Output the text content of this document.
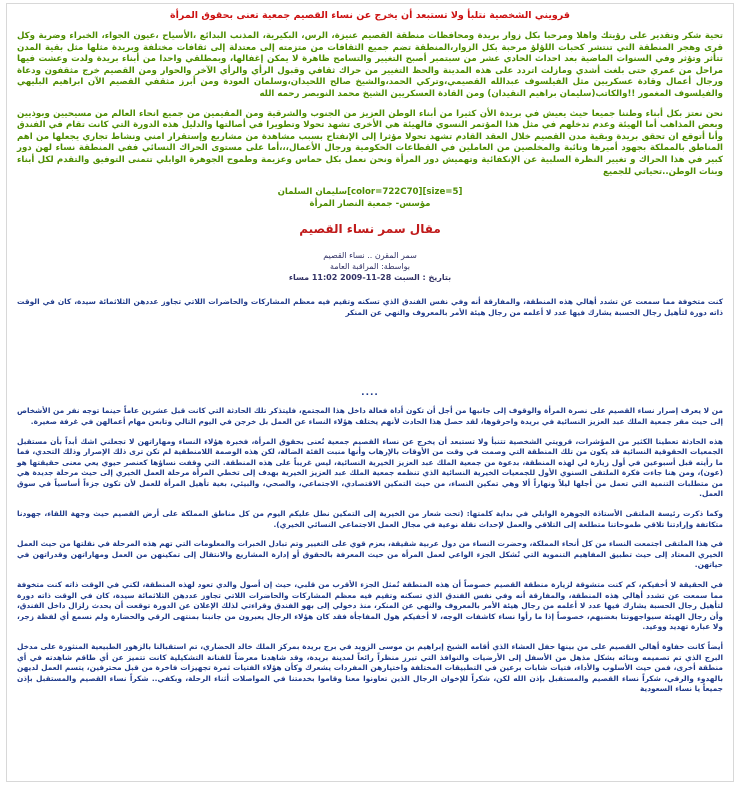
قرويني الشخصية نتلبأ ولا تستبعد أن يخرج عن نساء القصيم جمعية تعنى بحقوق المرأة

تحية شكر وتقدير على رؤيتك واهلا ومرحبا بكل زوار بريدة ومحافظات منطقة القصيم عنيزة، الرس، البكيرية، المذنب البدائع ،الأسياح ،عيون الجواء، الخبراء وضرية وكل قرى وهجر المنطقة التي تنتشر كحبات اللؤلؤ مرحبة بكل الزوار،المنطقة تضم جميع الثقافات من متزمته إلى معتدلة إلى ثقافات مختلفة وبريدة مثلها مثل بقية المدن تتأثر وتؤثر وفي السنوات الماضية بعد احداث الحادي عشر من سبتمبر أصبح التغيير والتسامح ظاهرة لا يمكن إغفالها، وبمطلقي واحدا من أبناء بريدة ولدت وعشت فيها مراحل من عمري حتى بلغت أشدي ومازلت اتردد على هذه المدينة والحظ التغيير من حراك ثقافي وقبول الرأي والرأي الآخر والحوار ومن القصيم خرج مثقفون ودعاة ورجال أعمال وقادة عسكريين مثل الفيلسوف عبدالله القصيمي،وتركي الحمد،والشيخ صالح اللحيدان،وسلمان العودة ومن أبرز مثقفي القصيم الآن ابراهيم البليهي والفيلسوف المغمور !!والكاتب(سليمان براهيم النقيدان) ومن القادة العسكريين الشيخ محمد النويصر رحمه الله

نحن نعتز بكل أبناء وطننا جميعا حيث يعيش في بريدة الأن كثيرا من أبناء الوطن العزيز من الجنوب والشرقية ومن المقيمين من جميع انحاء العالم من مسيحيين وبوذيين وبعض المذاهب أما الهيئة وعدم تدخلهم في مثل هذا المؤتمر النسوي فالهيئة هي الأخرى تشهد تحولا وتطويرا في أصالتها والدليل هذه الدورة التي كانت تقام في الفندق وأنا أتوقع ان تحقق بريدة وبقية مدن القصيم خلال العقد القادم تشهد تحولا مؤثرا إلى الإنفتاح بسبب مشاهدة من مشاريع وإستقرار امني ونشاط تجاري يجعلها من اهم المناطق بالمملكة بجهود أميرها ونائبة والمخلصين من العاملين في القطاعات الحكومية ورجال الأعمال،،،أما على مستوى الحراك النسائي ففي المنطقة نساء لهن دور كبير في هذا الحراك و تغيير النظرة السلبية عن الإنكفائية وتهميش دور المرأة ونحن نعمل بكل حماس وعزيمة وطموح الجوهرة الوابلي تتمنى التوفيق والتقدم لكل أبناء وبنات الوطن..تحياتي للجميع

[size=5][color=722C70]سليمان السلمان

مؤسس- جمعية النصار المرأة

مقال سمر نساء القصيم

سمر المقرن .. نساء القصيم

بواسطة: المراقبة العامة

بتاريخ : السبت 28-11-2009 11:02 مساء

كنت متخوفة مما سمعت عن تشدد أهالي هذه المنطقة، والمفارقة أنه وفي نفس الفندق الذي تسكنه وتقيم فيه معظم المشاركات والحاضرات اللاتي تجاوز عددهن الثلاثمائة سيدة، كان في الوقت ذاته دورة لتأهيل رجال الحسبة يشارك فيها عدد لا أعلمه من رجال هيئة الأمر بالمعروف والنهي عن المنكر

....

من لا يعرف إصرار نساء القصيم على نصرة المرأة والوقوف إلى جانبها من أجل أن تكون أداة فعالة داخل هذا المجتمع، فليتذكر تلك الحادثة التي كانت قبل عشرين عاماً حينما توجه نفر من الأشخاص إلى حيث مقر جمعية الملك عبد العزيز النسائية في بريدة واحرقوها، لقد حصل هذا الحادث لأنهم يختلف هؤلاء النساء عن العمل بل خرجن في اليوم التالي وتابعن مهام أعمالهن في غرفة صغيرة.

هذه الحادثة تعطينا الكثير من المؤشرات، قرويتي الشخصية تتنبأ ولا تستبعد أن يخرج عن نساء القصيم جمعية تُعنى بحقوق المرأة، فخبرة هؤلاء النساء ومهاراتهن لا تجعلني اشك أبداً بأن مستقبل الجمعيات الحقوقية النسائية قد يكون من تلك المنطقة التي وصمت في وقت من الأوقات بالإرهاب وأنها منبت الفئة الضالة، لكن هذه الوصمة اللامنطقية لم تكن ترى ذلك الإصرار وذلك التحدي، فما ما رأيته قبل أسبوعين في أول زيارة لي لهذه المنطقة، بدعوة من جمعية الملك عبد العزيز الخيرية النسائية، ليس غريباً على هذه المنطقة. التي وقفت نساؤها كعنصر حيوي يعي معنى حقيقتها هو (عون)، ومن هنا جاءت فكرة الملتقى السنوي الأول للجمعيات الخيرية النسائية الذي تنظمه جمعية الملك عبد العزيز الخيرية بهدف إلى تخطي المرأة مرحلة العمل الخيري إلى حيث مرحلة جديدة هي من متطلبات التنمية التي تعمل من أجلها ليلاً ونهاراً ألا وهي تمكين النساء، من حيث التمكين الاقتصادي، الاجتماعي، والصحي، والبيئي، بغية تأهيل المرأة للعمل لأن تكون جزءاً أساسياً في سوق العمل.

وكما ذكرت رئيسة الملتقى الأستاذة الجوهرة الوابلي في بداية كلمتها: (تحت شعار من الخيرية إلى التمكين نطل عليكم اليوم من كل مناطق المملكة على أرض القصيم حيث وجهة اللقاء، جهودنا متكاتفة وإرادتنا تلاقي طموحاتنا متطلعة إلى التلاقي والعمل لإحداث نقلة نوعية في مجال العمل الاجتماعي النسائي الخيري).

في هذا الملتقى اجتمعت النساء من كل أنحاء المملكة، وحضرت النساء من دول عربية شقيقة، بعزم قوي على التغيير وتم تبادل الخبرات والمعلومات التي تهم هذه المرحلة في نقلتها من حيث العمل الخيري المعتاد إلى حيث تطبيق المفاهيم التنموية التي تُشكل الجزء الواعي لعمل المرأة من حيث المعرفة بالحقوق أو إدارة المشاريع والانتقال إلى تمكينهن من العمل ومهاراتهن وقدراتهن في حياتهن.

في الحقيقة لا أخفيكم، كم كنت متشوقة لزيارة منطقة القصيم خصوصاً أن هذه المنطقة تُمثل الجزء الأقرب من قلبي، حيث إن أصول والدي تعود لهذه المنطقة، لكني في الوقت ذاته كنت متخوفة مما سمعت عن تشدد أهالي هذه المنطقة، والمفارقة أنه وفي نفس الفندق الذي تسكنه وتقيم فيه معظم المشاركات والحاضرات اللاتي تجاوز عددهن الثلاثمائة سيدة، كان في الوقت ذاته دورة لتأهيل رجال الحسبة يشارك فيها عدد لا أعلمه من رجال هيئة الأمر بالمعروف والنهي عن المنكر، منذ دخولي إلى بهو الفندق وقراءتي لذلك الإعلان عن الدورة توقعت أن يحدث زلزال داخل الفندق، وأن رجال الهيئة سيواجهوننا بغضبهم، خصوصاً إذا ما رأوا نساء كاشفات الوجه، لا أخفيكم هول المفاجأة فقد كان هؤلاء الرجال يعبرون من جانبنا بمنتهى الرقي والحضارة ولم نسمع أي لفظة زجر، ولا عبارة تهديد ووعيد.

أيضاً كانت حفاوة أهالي القصيم على من بينها حفل العشاء الذي أقامه الشيخ إبراهيم بن موسى الزويد في برج بريدة بمركز الملك خالد الحضاري، تم استقبالنا بالزهور الطبيعية المنثورة على مدخل البرج الذي تم تصميمه وبنائه بشكل مذهل من الأسفل إلى الأرضيات والنوافذ التي تبرز منظراً رائعاً لمدينة بريدة، وقد شاهدنا معرضاً للفنانة التشكيلية كانت تتميز عن أي طاقم شاهدته في أي منطقة أخرى، فمن حيث الأسلوب والأداء، فتيات شابات برعين في التطبيقات المختلفة واختيارهن المفردات يشعرك وكأن هؤلاء الفتيات ثمرة تجهيزات فاخرة من قبل محترفين، يتسم العمل لديهن بالهدوء والرقي، شكراً نساء القصيم والمستقبل بإذن الله لكن، شكراً للإخوان الرجال الذين تعاونوا معنا وقاموا بخدمتنا في المواصلات أثناء الرحلة، وبكفي.. شكراً نساء القصيم والمستقبل بإذن جميعاً يا نساء السعودية
